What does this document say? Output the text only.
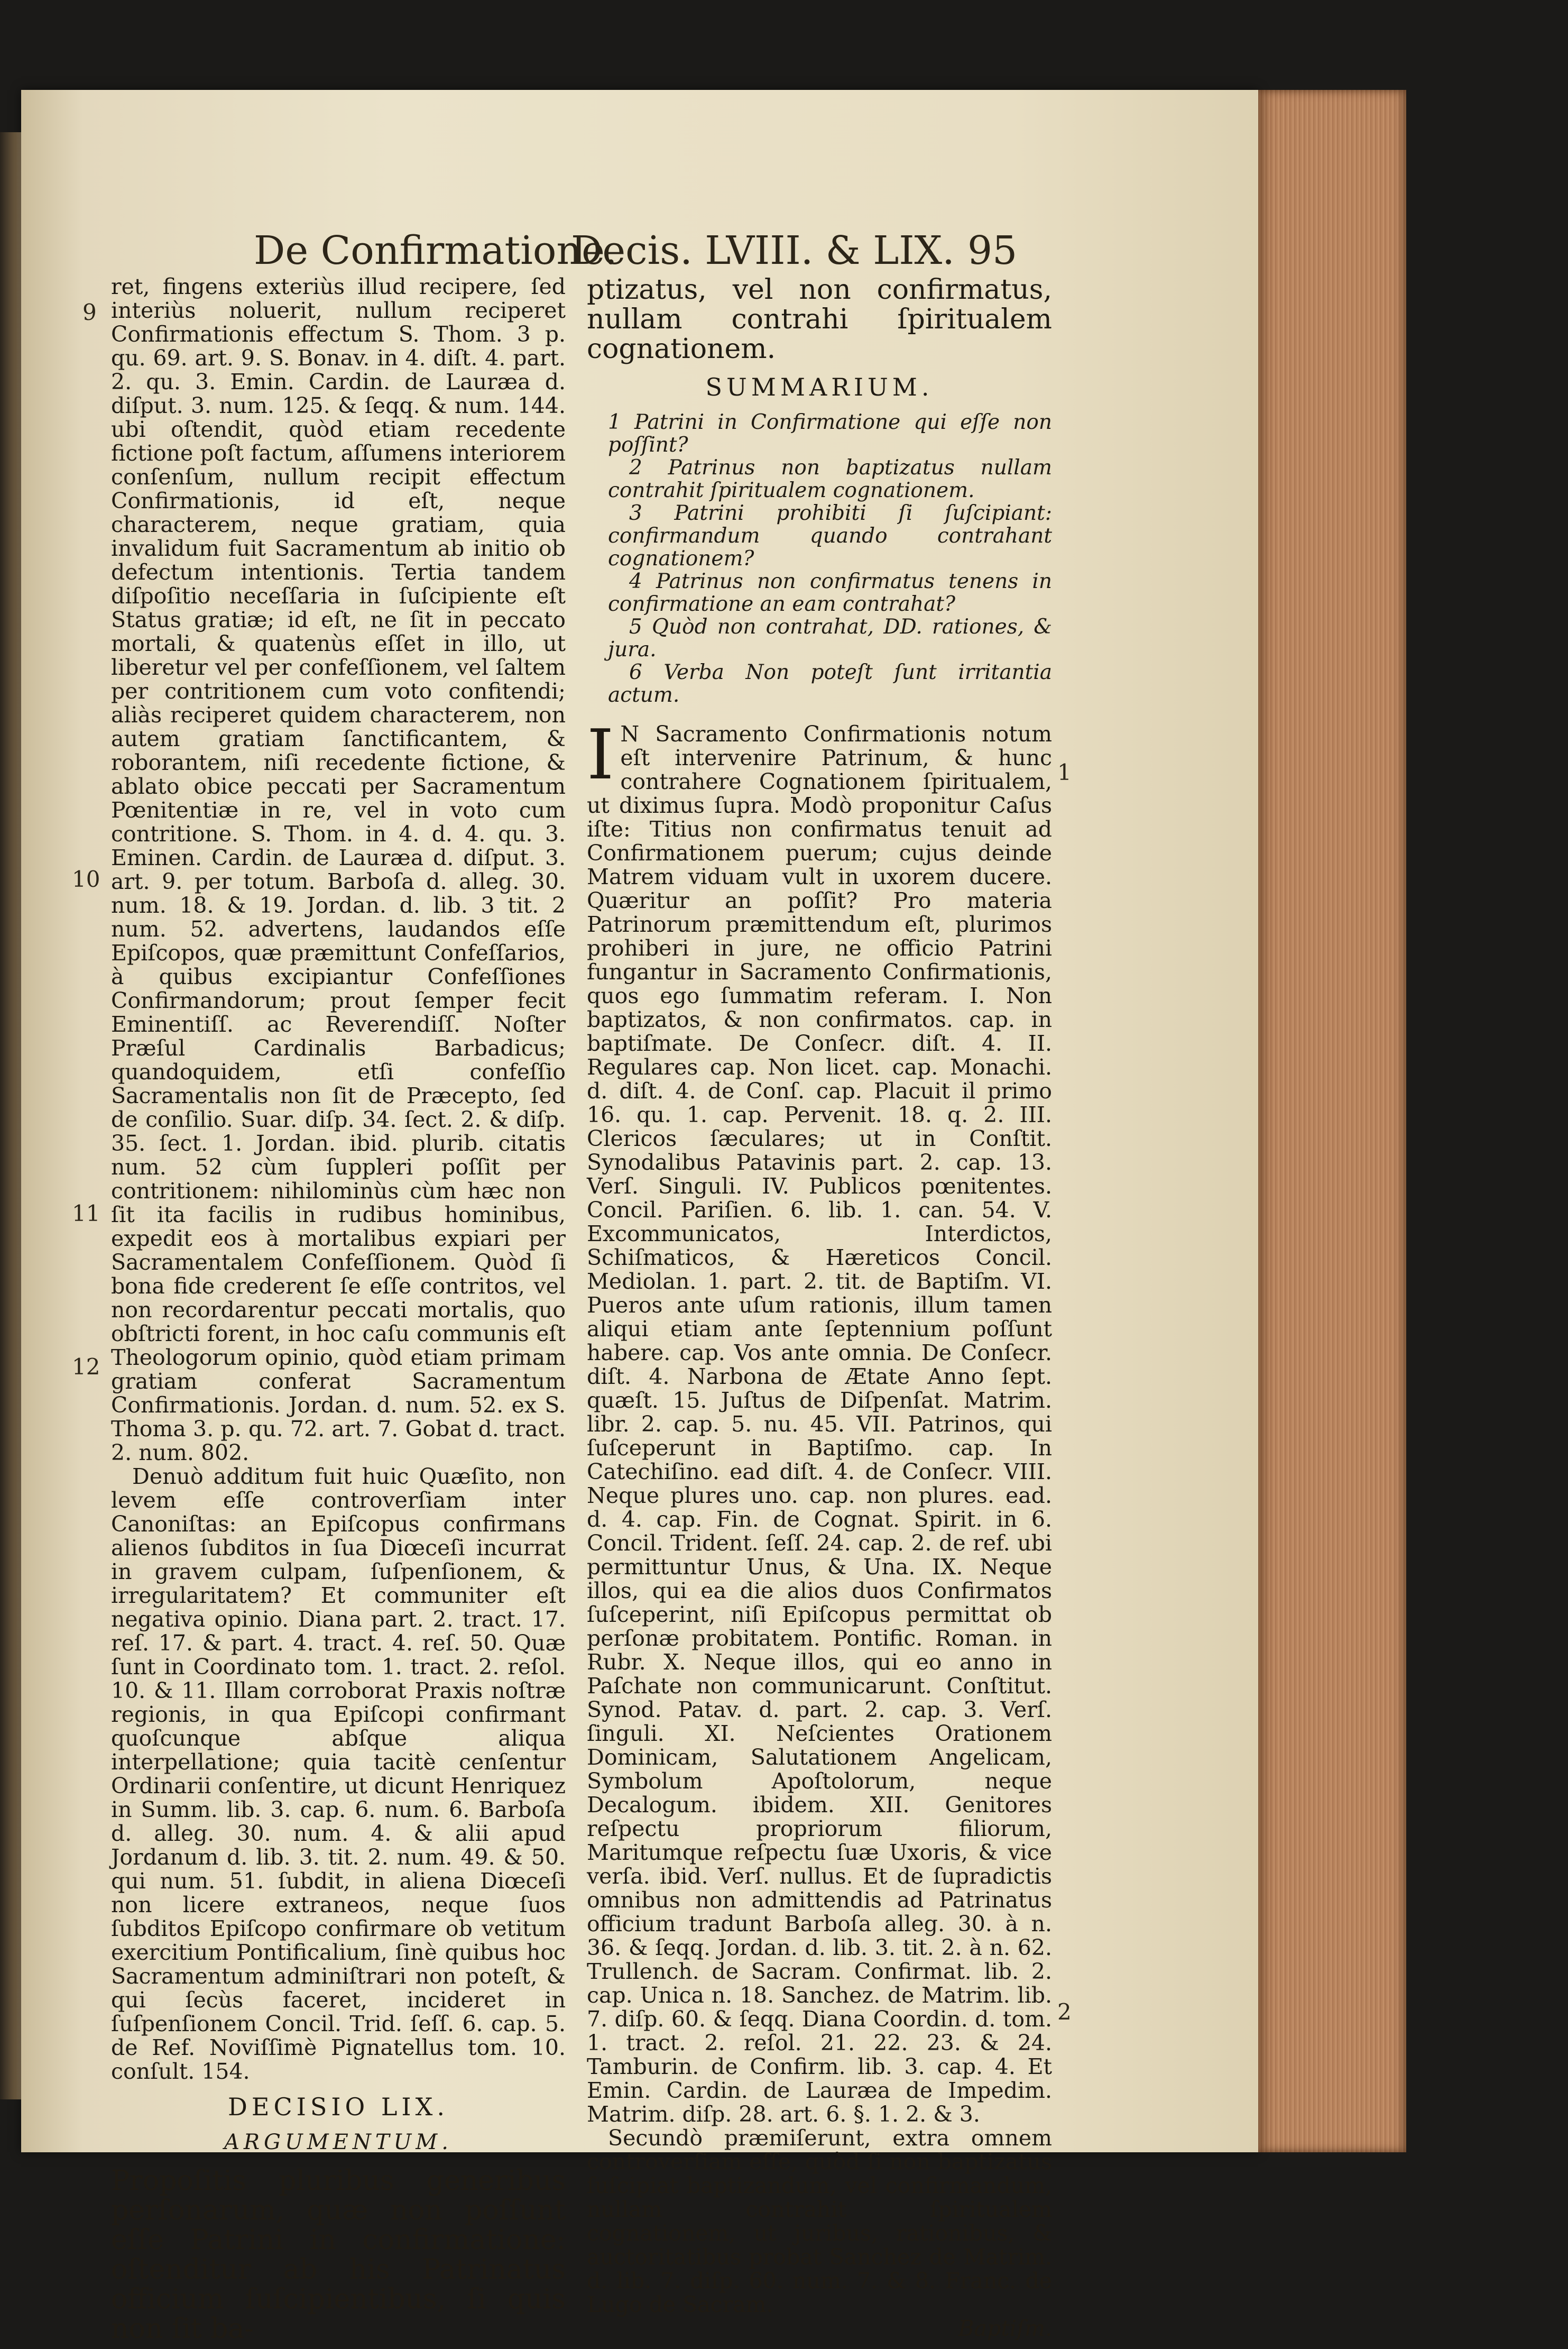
De Confirmatione.
Decis. LVIII. & LIX. 95
9
10
11
12
1
2

ret, fingens exteriùs illud recipere, ſed interiùs noluerit, nullum reciperet Confirmationis effectum S. Thom. 3 p. qu. 69. art. 9. S. Bonav. in 4. diſt. 4. part. 2. qu. 3. Emin. Cardin. de Lauræa d. diſput. 3. num. 125. & ſeqq. & num. 144. ubi oſtendit, quòd etiam recedente fictione poſt factum, aſſumens interiorem conſenſum, nullum recipit effectum Confirmationis, id eſt, neque characterem, neque gratiam, quia invalidum fuit Sacramentum ab initio ob defectum intentionis. Tertia tandem diſpoſitio neceſſaria in ſuſcipiente eſt Status gratiæ; id eſt, ne ſit in peccato mortali, & quatenùs eſſet in illo, ut liberetur vel per confeſſionem, vel ſaltem per contritionem cum voto confitendi; aliàs reciperet quidem characterem, non autem gratiam ſanctificantem, & roborantem, niſi recedente fictione, & ablato obice peccati per Sacramentum Pœnitentiæ in re, vel in voto cum contritione. S. Thom. in 4. d. 4. qu. 3. Eminen. Cardin. de Lauræa d. diſput. 3. art. 9. per totum. Barboſa d. alleg. 30. num. 18. & 19. Jordan. d. lib. 3 tit. 2 num. 52. advertens, laudandos eſſe Epiſcopos, quæ præmittunt Confeſſarios, à quibus excipiantur Confeſſiones Confirmandorum; prout ſemper fecit Eminentiſſ. ac Reverendiſſ. Noſter Præſul Cardinalis Barbadicus; quandoquidem, etſi confeſſio Sacramentalis non ſit de Præcepto, ſed de conſilio. Suar. diſp. 34. ſect. 2. & diſp. 35. ſect. 1. Jordan. ibid. plurib. citatis num. 52 cùm ſuppleri poſſit per contritionem: nihilominùs cùm hæc non ſit ita facilis in rudibus hominibus, expedit eos à mortalibus expiari per Sacramentalem Confeſſionem. Quòd ſi bona fide crederent ſe eſſe contritos, vel non recordarentur peccati mortalis, quo obſtricti forent, in hoc caſu communis eſt Theologorum opinio, quòd etiam primam gratiam conferat Sacramentum Confirmationis. Jordan. d. num. 52. ex S. Thoma 3. p. qu. 72. art. 7. Gobat d. tract. 2. num. 802.

Denuò additum fuit huic Quæſito, non levem eſſe controverſiam inter Canoniſtas: an Epiſcopus confirmans alienos ſubditos in ſua Diœceſi incurrat in gravem culpam, ſuſpenſionem, & irregularitatem? Et communiter eſt negativa opinio. Diana part. 2. tract. 17. reſ. 17. & part. 4. tract. 4. reſ. 50. Quæ ſunt in Coordinato tom. 1. tract. 2. reſol. 10. & 11. Illam corroborat Praxis noſtræ regionis, in qua Epiſcopi confirmant quoſcunque abſque aliqua interpellatione; quia tacitè cenſentur Ordinarii conſentire, ut dicunt Henriquez in Summ. lib. 3. cap. 6. num. 6. Barboſa d. alleg. 30. num. 4. & alii apud Jordanum d. lib. 3. tit. 2. num. 49. & 50. qui num. 51. ſubdit, in aliena Diœceſi non licere extraneos, neque ſuos ſubditos Epiſcopo confirmare ob vetitum exercitium Pontificalium, ſinè quibus hoc Sacramentum adminiſtrari non poteſt, & qui ſecùs faceret, incideret in ſuſpenſionem Concil. Trid. ſeſſ. 6. cap. 5. de Ref. Noviſſimè Pignatellus tom. 10. conſult. 154.

DECISIO LIX.
ARGUMENTUM.

Propoſitis pluribus generibus perſonarum, quæ non poſſunt eſſe Patrini in confirmatione: oſtenditur ab his Patrinatus officium ſuſcipientibus, ſi quis non ſit ba-

ptizatus, vel non confirmatus, nullam contrahi ſpiritualem cognationem.

SUMMARIUM.

1 Patrini in Confirmatione qui eſſe non poſſint?

2 Patrinus non baptizatus nullam contrahit ſpiritualem cognationem.

3 Patrini prohibiti ſi ſuſcipiant: confirmandum quando contrahant cognationem?

4 Patrinus non confirmatus tenens in confirmatione an eam contrahat?

5 Quòd non contrahat, DD. rationes, & jura.

6 Verba Non poteſt ſunt irritantia actum.

I N Sacramento Confirmationis notum eſt intervenire Patrinum, & hunc contrahere Cognationem ſpiritualem, ut diximus ſupra. Modò proponitur Caſus iſte: Titius non confirmatus tenuit ad Confirmationem puerum; cujus deinde Matrem viduam vult in uxorem ducere. Quæritur an poſſit? Pro materia Patrinorum præmittendum eſt, plurimos prohiberi in jure, ne officio Patrini fungantur in Sacramento Confirmationis, quos ego ſummatim referam. I. Non baptizatos, & non confirmatos. cap. in baptiſmate. De Conſecr. diſt. 4. II. Regulares cap. Non licet. cap. Monachi. d. diſt. 4. de Conſ. cap. Placuit il primo 16. qu. 1. cap. Pervenit. 18. q. 2. III. Clericos ſæculares; ut in Conſtit. Synodalibus Patavinis part. 2. cap. 13. Verſ. Singuli. IV. Publicos pœnitentes. Concil. Pariſien. 6. lib. 1. can. 54. V. Excommunicatos, Interdictos, Schiſmaticos, & Hæreticos Concil. Mediolan. 1. part. 2. tit. de Baptiſm. VI. Pueros ante uſum rationis, illum tamen aliqui etiam ante ſeptennium poſſunt habere. cap. Vos ante omnia. De Conſecr. diſt. 4. Narbona de Ætate Anno ſept. quæſt. 15. Juſtus de Diſpenſat. Matrim. libr. 2. cap. 5. nu. 45. VII. Patrinos, qui ſuſceperunt in Baptiſmo. cap. In Catechiſino. ead diſt. 4. de Conſecr. VIII. Neque plures uno. cap. non plures. ead. d. 4. cap. Fin. de Cognat. Spirit. in 6. Concil. Trident. ſeſſ. 24. cap. 2. de ref. ubi permittuntur Unus, & Una. IX. Neque illos, qui ea die alios duos Confirmatos ſuſceperint, niſi Epiſcopus permittat ob perſonæ probitatem. Pontific. Roman. in Rubr. X. Neque illos, qui eo anno in Paſchate non communicarunt. Conſtitut. Synod. Patav. d. part. 2. cap. 3. Verſ. ſinguli. XI. Neſcientes Orationem Dominicam, Salutationem Angelicam, Symbolum Apoſtolorum, neque Decalogum. ibidem. XII. Genitores reſpectu propriorum filiorum, Maritumque reſpectu ſuæ Uxoris, & vice verſa. ibid. Verſ. nullus. Et de ſupradictis omnibus non admittendis ad Patrinatus officium tradunt Barboſa alleg. 30. à n. 36. & ſeqq. Jordan. d. lib. 3. tit. 2. à n. 62. Trullench. de Sacram. Confirmat. lib. 2. cap. Unica n. 18. Sanchez. de Matrim. lib. 7. diſp. 60. & ſeqq. Diana Coordin. d. tom. 1. tract. 2. reſol. 21. 22. 23. & 24. Tamburin. de Confirm. lib. 3. cap. 4. Et Emin. Cardin. de Lauræa de Impedim. Matrim. diſp. 28. art. 6. §. 1. 2. & 3.

Secundò præmiſerunt, extra omnem controverſiam eſſe, quòd ſi non baptizatus ſuſcipiat baptizandum, vel confirmandum, nullam contrahit ſpiritualem cognationem, ut juribus, rationibus, & auctoritatibus probat Sanchez de Matrim. d. lib. 7. diſp. 60. num. 7. & 8. Franc. de Lugo de Sacram.

Baptiſm.
